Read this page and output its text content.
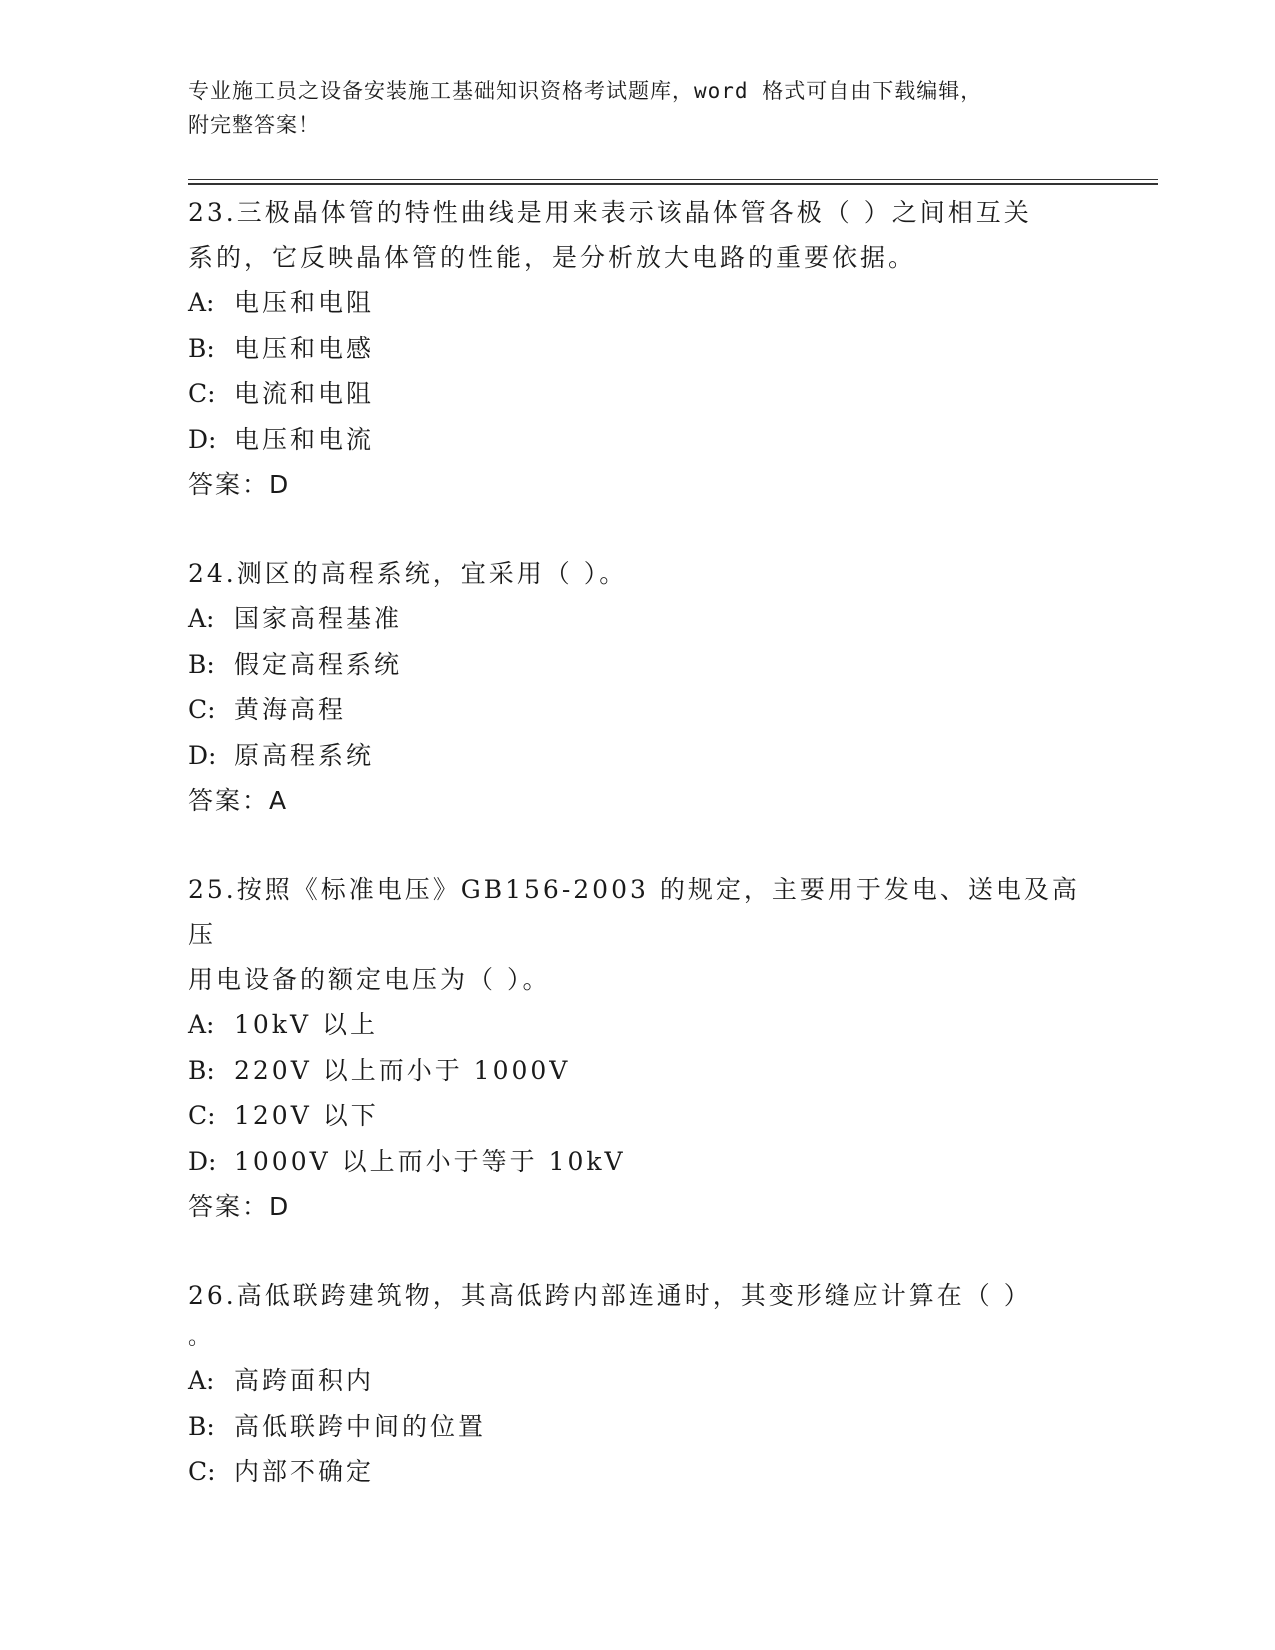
专业施工员之设备安装施工基础知识资格考试题库，word 格式可自由下载编辑，
附完整答案！
23.三极晶体管的特性曲线是用来表示该晶体管各极（ ）之间相互关
系的，它反映晶体管的性能，是分析放大电路的重要依据。
A: 电压和电阻
B: 电压和电感
C: 电流和电阻
D: 电压和电流
答案：D
24.测区的高程系统，宜采用（ ）。
A: 国家高程基准
B: 假定高程系统
C: 黄海高程
D: 原高程系统
答案：A
25.按照《标准电压》GB156-2003 的规定，主要用于发电、送电及高压
用电设备的额定电压为（ ）。
A: 10kV 以上
B: 220V 以上而小于 1000V
C: 120V 以下
D: 1000V 以上而小于等于 10kV
答案：D
26.高低联跨建筑物，其高低跨内部连通时，其变形缝应计算在（ ）
。
A: 高跨面积内
B: 高低联跨中间的位置
C: 内部不确定
